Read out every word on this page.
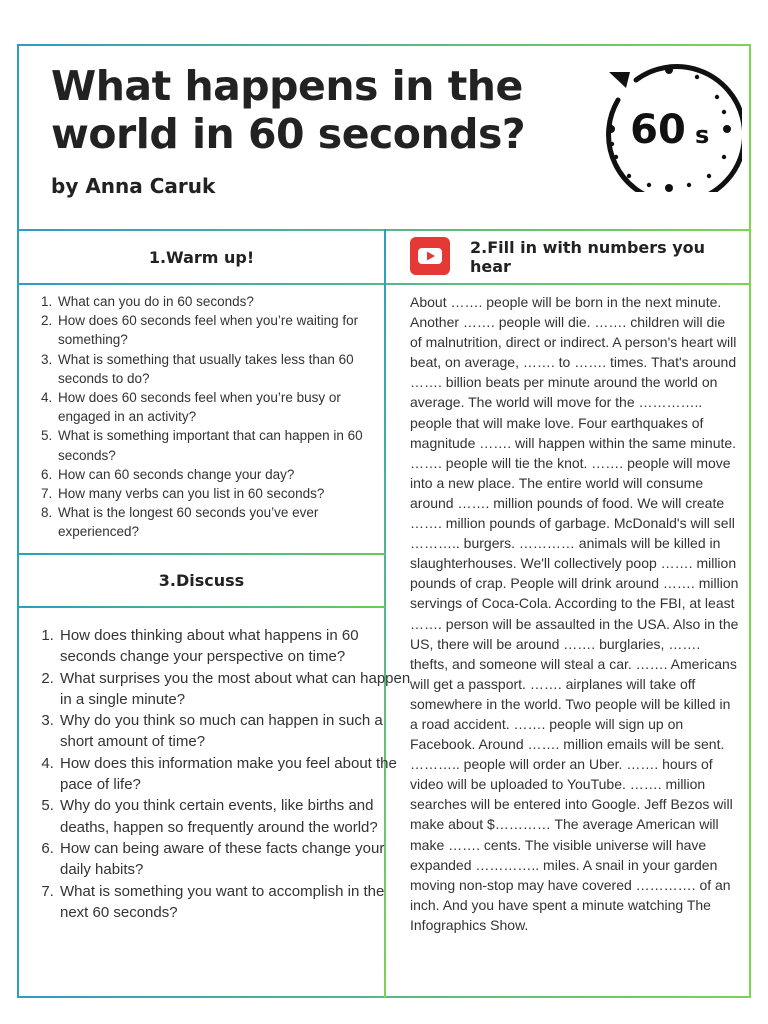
What happens in the world in 60 seconds?

by Anna Caruk

60 s
1.Warm up!
1. What can you do in 60 seconds?
2. How does 60 seconds feel when you’re waiting for something?
3. What is something that usually takes less than 60 seconds to do?
4. How does 60 seconds feel when you’re busy or engaged in an activity?
5. What is something important that can happen in 60 seconds?
6. How can 60 seconds change your day?
7. How many verbs can you list in 60 seconds?
8. What is the longest 60 seconds you’ve ever experienced?
2.Fill in with numbers you hear

About ……. people will be born in the next minute. Another ……. people will die. ……. children will die of malnutrition, direct or indirect. A person's heart will beat, on average, ……. to ……. times. That's around ……. billion beats per minute around the world on average. The world will move for the ………….. people that will make love. Four earthquakes of magnitude ……. will happen within the same minute. ……. people will tie the knot. ……. people will move into a new place. The entire world will consume around ……. million pounds of food. We will create ……. million pounds of garbage. McDonald's will sell ……….. burgers. ………… animals will be killed in slaughterhouses. We'll collectively poop ……. million pounds of crap. People will drink around ……. million servings of Coca-Cola. According to the FBI, at least ……. person will be assaulted in the USA. Also in the US, there will be around ……. burglaries, ……. thefts, and someone will steal a car. ……. Americans will get a passport. ……. airplanes will take off somewhere in the world. Two people will be killed in a road accident. ……. people will sign up on Facebook. Around ……. million emails will be sent. ……….. people will order an Uber. ……. hours of video will be uploaded to YouTube. ……. million searches will be entered into Google. Jeff Bezos will make about $………… The average American will make ……. cents. The visible universe will have expanded ………….. miles. A snail in your garden moving non-stop may have covered …………. of an inch. And you have spent a minute watching The Infographics Show.

3.Discuss
1. How does thinking about what happens in 60 seconds change your perspective on time?
2. What surprises you the most about what can happen in a single minute?
3. Why do you think so much can happen in such a short amount of time?
4. How does this information make you feel about the pace of life?
5. Why do you think certain events, like births and deaths, happen so frequently around the world?
6. How can being aware of these facts change your daily habits?
7. What is something you want to accomplish in the next 60 seconds?
